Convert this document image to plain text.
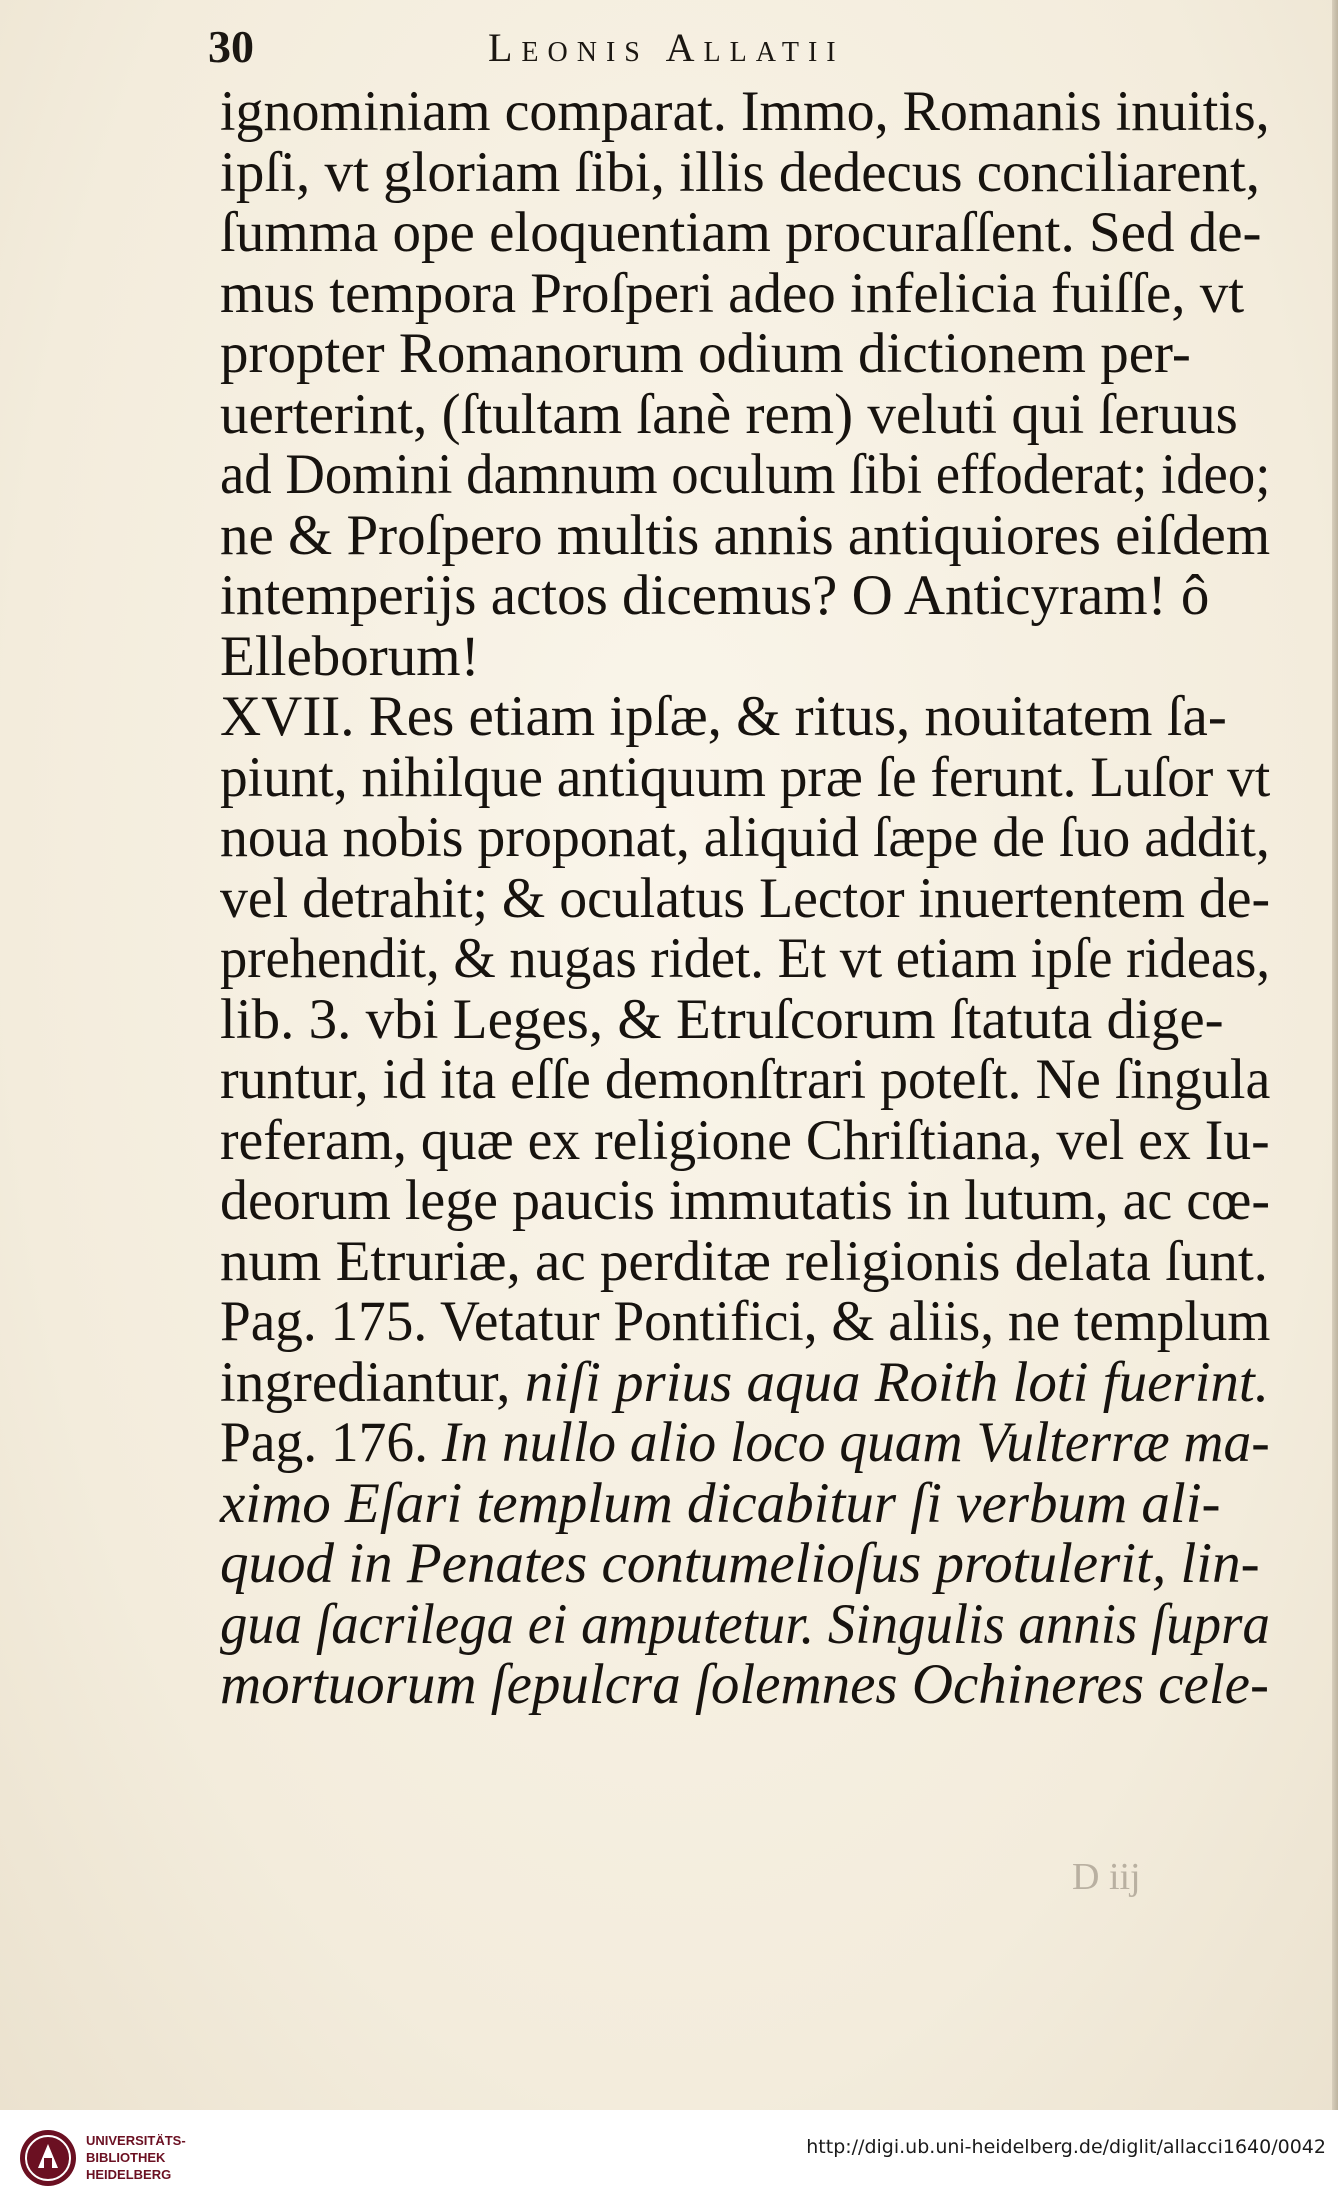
30	Leonis Allatii
ignominiam comparat. Immo, Romanis inuitis,
ipſi, vt gloriam ſibi, illis dedecus conciliarent,
ſumma ope eloquentiam procuraſſent. Sed de-
mus tempora Proſperi adeo infelicia fuiſſe, vt
propter Romanorum odium dictionem per-
uerterint, (ſtultam ſanè rem) veluti qui ſeruus
ad Domini damnum oculum ſibi effoderat; ideo;
ne & Proſpero multis annis antiquiores eiſdem
intemperijs actos dicemus? O Anticyram! ô
Elleborum!
XVII. Res etiam ipſæ, & ritus, nouitatem ſa-
piunt, nihilque antiquum præ ſe ferunt. Luſor vt
noua nobis proponat, aliquid ſæpe de ſuo addit,
vel detrahit; & oculatus Lector inuertentem de-
prehendit, & nugas ridet. Et vt etiam ipſe rideas,
lib. 3. vbi Leges, & Etruſcorum ſtatuta dige-
runtur, id ita eſſe demonſtrari poteſt. Ne ſingula
referam, quæ ex religione Chriſtiana, vel ex Iu-
deorum lege paucis immutatis in lutum, ac cœ-
num Etruriæ, ac perditæ religionis delata ſunt.
Pag. 175. Vetatur Pontifici, & aliis, ne templum
ingrediantur, niſi prius aqua Roith loti fuerint.
Pag. 176. In nullo alio loco quam Vulterræ ma-
ximo Eſari templum dicabitur ſi verbum ali-
quod in Penates contumelioſus protulerit, lin-
gua ſacrilega ei amputetur. Singulis annis ſupra
mortuorum ſepulcra ſolemnes Ochineres cele-
D iij
UNIVERSITÄTS-
BIBLIOTHEK
HEIDELBERG
http://digi.ub.uni-heidelberg.de/diglit/allacci1640/0042
